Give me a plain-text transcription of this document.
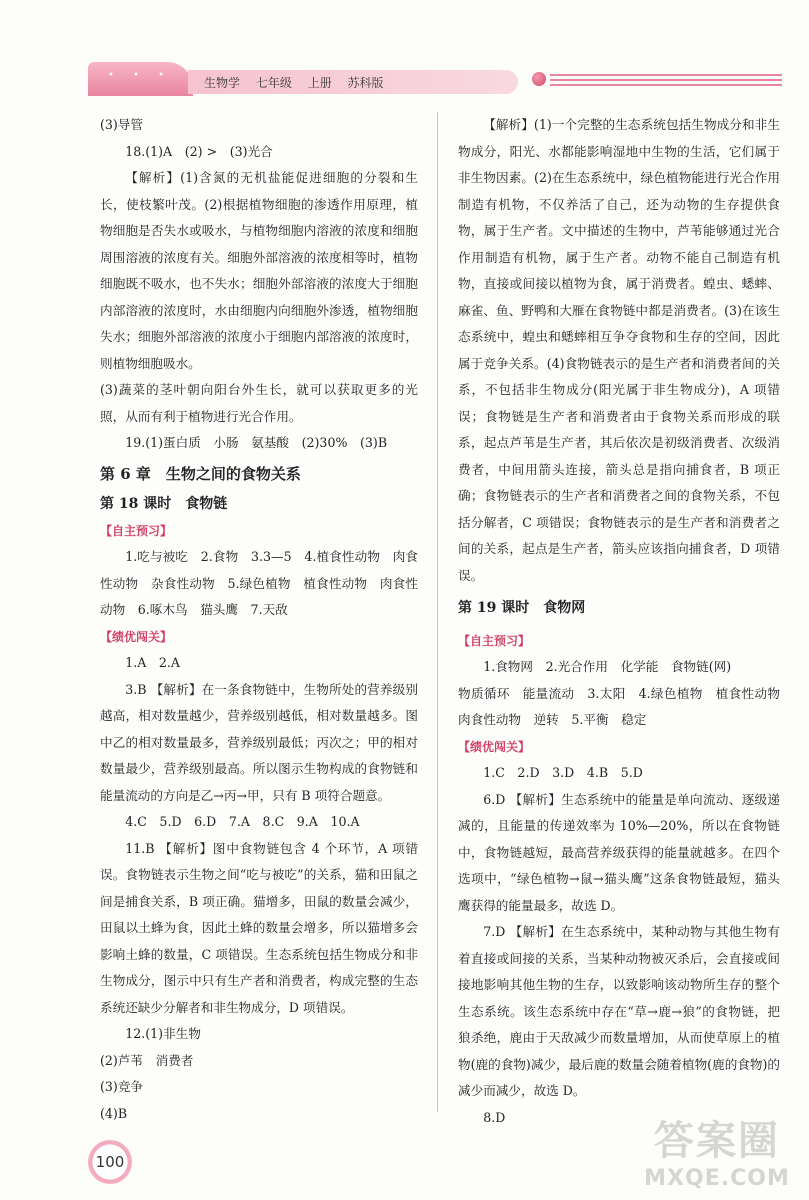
• • •
生物学 七年级 上册 苏科版

(3)导管

18.(1)A　(2) >　(3)光合

【解析】(1)含氮的无机盐能促进细胞的分裂和生长，使枝繁叶茂。(2)根据植物细胞的渗透作用原理，植物细胞是否失水或吸水，与植物细胞内溶液的浓度和细胞周围溶液的浓度有关。细胞外部溶液的浓度相等时，植物细胞既不吸水，也不失水；细胞外部溶液的浓度大于细胞内部溶液的浓度时，水由细胞内向细胞外渗透，植物细胞失水；细胞外部溶液的浓度小于细胞内部溶液的浓度时，则植物细胞吸水。

(3)蔬菜的茎叶朝向阳台外生长，就可以获取更多的光照，从而有利于植物进行光合作用。

19.(1)蛋白质　小肠　氨基酸　(2)30%　(3)B

第 6 章　生物之间的食物关系

第 18 课时　食物链

【自主预习】

1.吃与被吃　2.食物　3.3—5　4.植食性动物　肉食性动物　杂食性动物　5.绿色植物　植食性动物　肉食性动物　6.啄木鸟　猫头鹰　7.天敌

【绩优闯关】

1.A　2.A

3.B 【解析】在一条食物链中，生物所处的营养级别越高，相对数量越少，营养级别越低，相对数量越多。图中乙的相对数量最多，营养级别最低；丙次之；甲的相对数量最少，营养级别最高。所以图示生物构成的食物链和能量流动的方向是乙→丙→甲，只有 B 项符合题意。

4.C　5.D　6.D　7.A　8.C　9.A　10.A

11.B 【解析】图中食物链包含 4 个环节，A 项错误。食物链表示生物之间“吃与被吃”的关系，猫和田鼠之间是捕食关系，B 项正确。猫增多，田鼠的数量会减少，田鼠以土蜂为食，因此土蜂的数量会增多，所以猫增多会影响土蜂的数量，C 项错误。生态系统包括生物成分和非生物成分，图示中只有生产者和消费者，构成完整的生态系统还缺少分解者和非生物成分，D 项错误。

12.(1)非生物

(2)芦苇　消费者

(3)竞争

(4)B

【解析】(1)一个完整的生态系统包括生物成分和非生物成分，阳光、水都能影响湿地中生物的生活，它们属于非生物因素。(2)在生态系统中，绿色植物能进行光合作用制造有机物，不仅养活了自己，还为动物的生存提供食物，属于生产者。文中描述的生物中，芦苇能够通过光合作用制造有机物，属于生产者。动物不能自己制造有机物，直接或间接以植物为食，属于消费者。蝗虫、蟋蟀、麻雀、鱼、野鸭和大雁在食物链中都是消费者。(3)在该生态系统中，蝗虫和蟋蟀相互争夺食物和生存的空间，因此属于竞争关系。(4)食物链表示的是生产者和消费者间的关系，不包括非生物成分(阳光属于非生物成分)，A 项错误；食物链是生产者和消费者由于食物关系而形成的联系，起点芦苇是生产者，其后依次是初级消费者、次级消费者，中间用箭头连接，箭头总是指向捕食者，B 项正确；食物链表示的生产者和消费者之间的食物关系，不包括分解者，C 项错误；食物链表示的是生产者和消费者之间的关系，起点是生产者，箭头应该指向捕食者，D 项错误。

第 19 课时　食物网

【自主预习】

1.食物网　2.光合作用　化学能　食物链(网)

物质循环　能量流动　3.太阳　4.绿色植物　植食性动物　肉食性动物　逆转　5.平衡　稳定

【绩优闯关】

1.C　2.D　3.D　4.B　5.D

6.D 【解析】生态系统中的能量是单向流动、逐级递减的，且能量的传递效率为 10%—20%，所以在食物链中，食物链越短，最高营养级获得的能量就越多。在四个选项中，“绿色植物→鼠→猫头鹰”这条食物链最短，猫头鹰获得的能量最多，故选 D。

7.D 【解析】在生态系统中，某种动物与其他生物有着直接或间接的关系，当某种动物被灭杀后，会直接或间接地影响其他生物的生存，以致影响该动物所生存的整个生态系统。该生态系统中存在“草→鹿→狼”的食物链，把狼杀绝，鹿由于天敌减少而数量增加，从而使草原上的植物(鹿的食物)减少，最后鹿的数量会随着植物(鹿的食物)的减少而减少，故选 D。

8.D

100	答案圈
MXQE.COM
